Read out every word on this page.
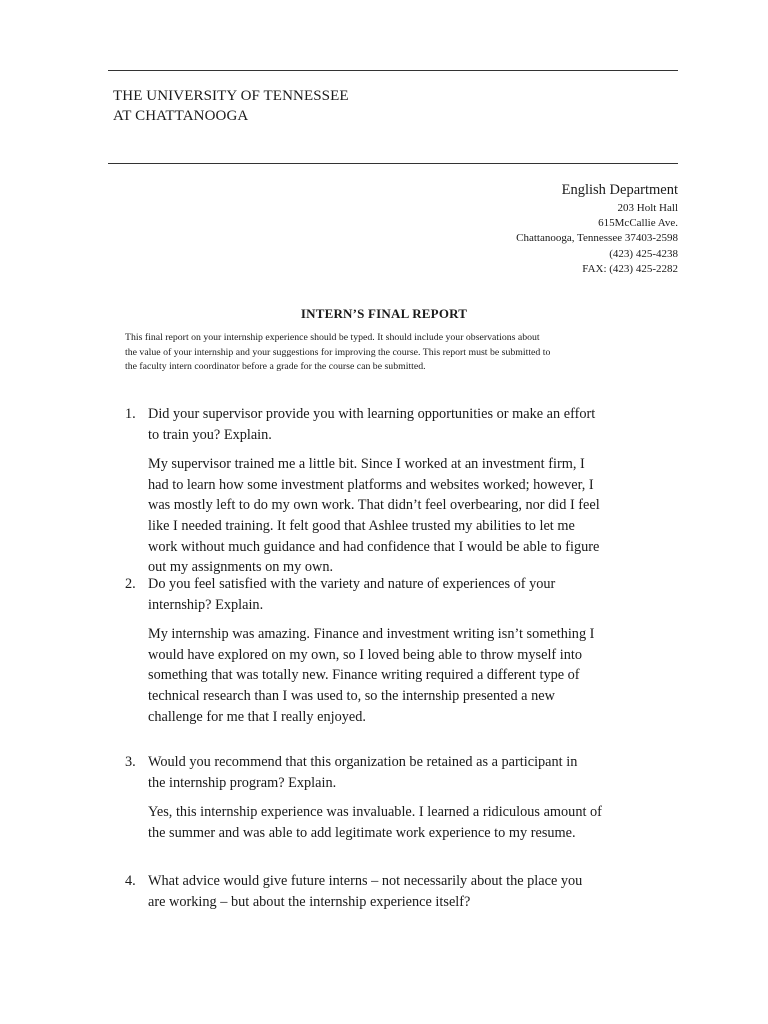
THE UNIVERSITY OF TENNESSEE
AT CHATTANOOGA
English Department
203 Holt Hall
615McCallie Ave.
Chattanooga, Tennessee 37403-2598
(423) 425-4238
FAX: (423) 425-2282
INTERN’S FINAL REPORT
This final report on your internship experience should be typed. It should include your observations about
the value of your internship and your suggestions for improving the course. This report must be submitted to
the faculty intern coordinator before a grade for the course can be submitted.
1. Did your supervisor provide you with learning opportunities or make an effort
to train you? Explain.
My supervisor trained me a little bit. Since I worked at an investment firm, I
had to learn how some investment platforms and websites worked; however, I
was mostly left to do my own work. That didn’t feel overbearing, nor did I feel
like I needed training. It felt good that Ashlee trusted my abilities to let me
work without much guidance and had confidence that I would be able to figure
out my assignments on my own.
2. Do you feel satisfied with the variety and nature of experiences of your
internship? Explain.
My internship was amazing. Finance and investment writing isn’t something I
would have explored on my own, so I loved being able to throw myself into
something that was totally new. Finance writing required a different type of
technical research than I was used to, so the internship presented a new
challenge for me that I really enjoyed.
3. Would you recommend that this organization be retained as a participant in
the internship program? Explain.
Yes, this internship experience was invaluable. I learned a ridiculous amount of
the summer and was able to add legitimate work experience to my resume.
4. What advice would give future interns – not necessarily about the place you
are working – but about the internship experience itself?
